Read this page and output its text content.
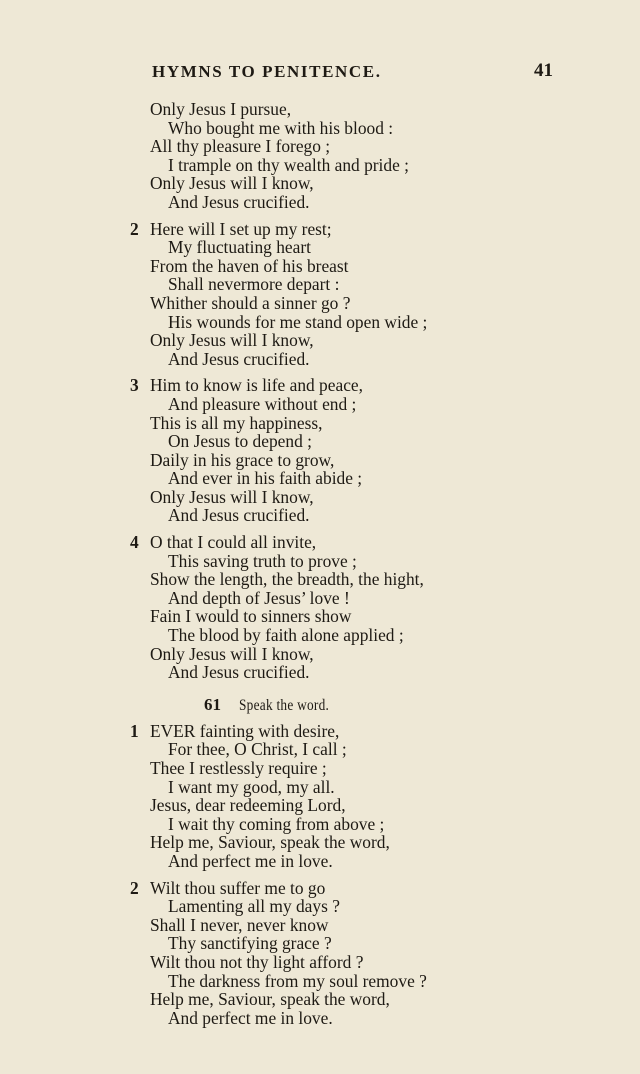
HYMNS TO PENITENCE.	41
Only Jesus I pursue,
Who bought me with his blood :
All thy pleasure I forego ;
I trample on thy wealth and pride ;
Only Jesus will I know,
And Jesus crucified.
2 Here will I set up my rest;
My fluctuating heart
From the haven of his breast
Shall nevermore depart :
Whither should a sinner go ?
His wounds for me stand open wide ;
Only Jesus will I know,
And Jesus crucified.
3 Him to know is life and peace,
And pleasure without end ;
This is all my happiness,
On Jesus to depend ;
Daily in his grace to grow,
And ever in his faith abide ;
Only Jesus will I know,
And Jesus crucified.
4 O that I could all invite,
This saving truth to prove ;
Show the length, the breadth, the hight,
And depth of Jesus’ love !
Fain I would to sinners show
The blood by faith alone applied ;
Only Jesus will I know,
And Jesus crucified.
61 Speak the word.
1 EVER fainting with desire,
For thee, O Christ, I call ;
Thee I restlessly require ;
I want my good, my all.
Jesus, dear redeeming Lord,
I wait thy coming from above ;
Help me, Saviour, speak the word,
And perfect me in love.
2 Wilt thou suffer me to go
Lamenting all my days ?
Shall I never, never know
Thy sanctifying grace ?
Wilt thou not thy light afford ?
The darkness from my soul remove ?
Help me, Saviour, speak the word,
And perfect me in love.
